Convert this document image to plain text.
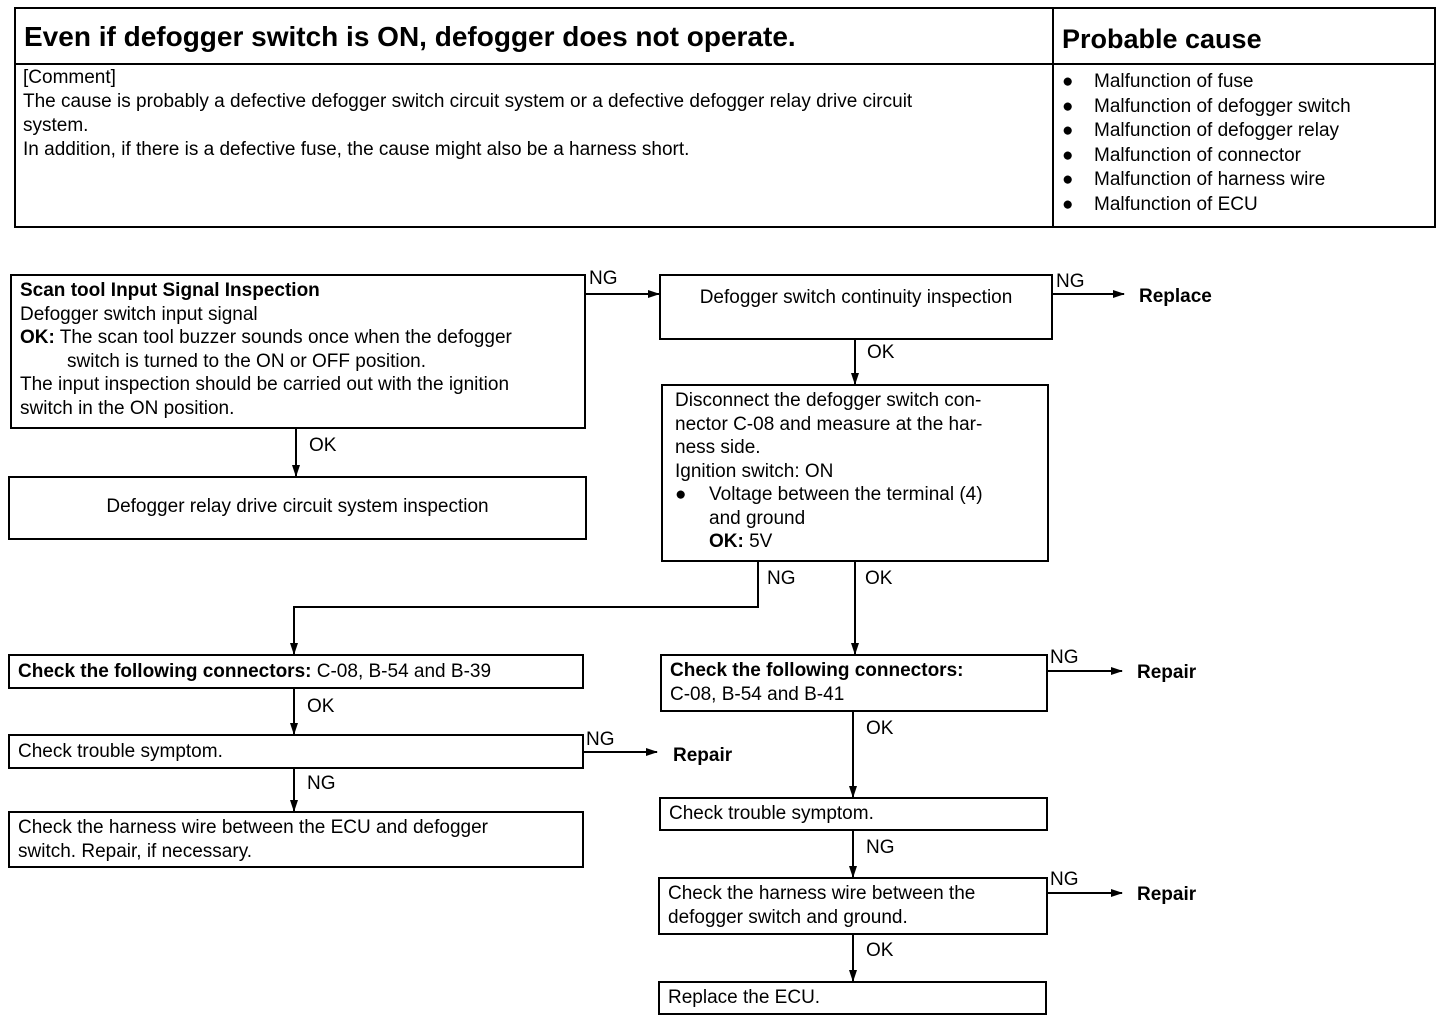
Even if defogger switch is ON, defogger does not operate.	Probable cause
[Comment]
The cause is probably a defective defogger switch circuit system or a defective defogger relay drive circuit
system.
In addition, if there is a defective fuse, the cause might also be a harness short.
● Malfunction of fuse
● Malfunction of defogger switch
● Malfunction of defogger relay
● Malfunction of connector
● Malfunction of harness wire
● Malfunction of ECU
Scan tool Input Signal Inspection
Defogger switch input signal
OK: The scan tool buzzer sounds once when the defogger
switch is turned to the ON or OFF position.
The input inspection should be carried out with the ignition
switch in the ON position.
Defogger relay drive circuit system inspection
Defogger switch continuity inspection
Disconnect the defogger switch con-
nector C-08 and measure at the har-
ness side.
Ignition switch: ON
● Voltage between the terminal (4)
and ground
OK: 5V
Check the following connectors: C-08, B-54 and B-39	Check the following connectors:
C-08, B-54 and B-41
Check trouble symptom.
Check the harness wire between the ECU and defogger
switch. Repair, if necessary.
Check trouble symptom.
Check the harness wire between the
defogger switch and ground.
Replace the ECU.
NG	NG
OK
OK
NG	OK
OK
NG
NG
NG
OK
NG
NG
OK
Replace
Repair
Repair
Repair
